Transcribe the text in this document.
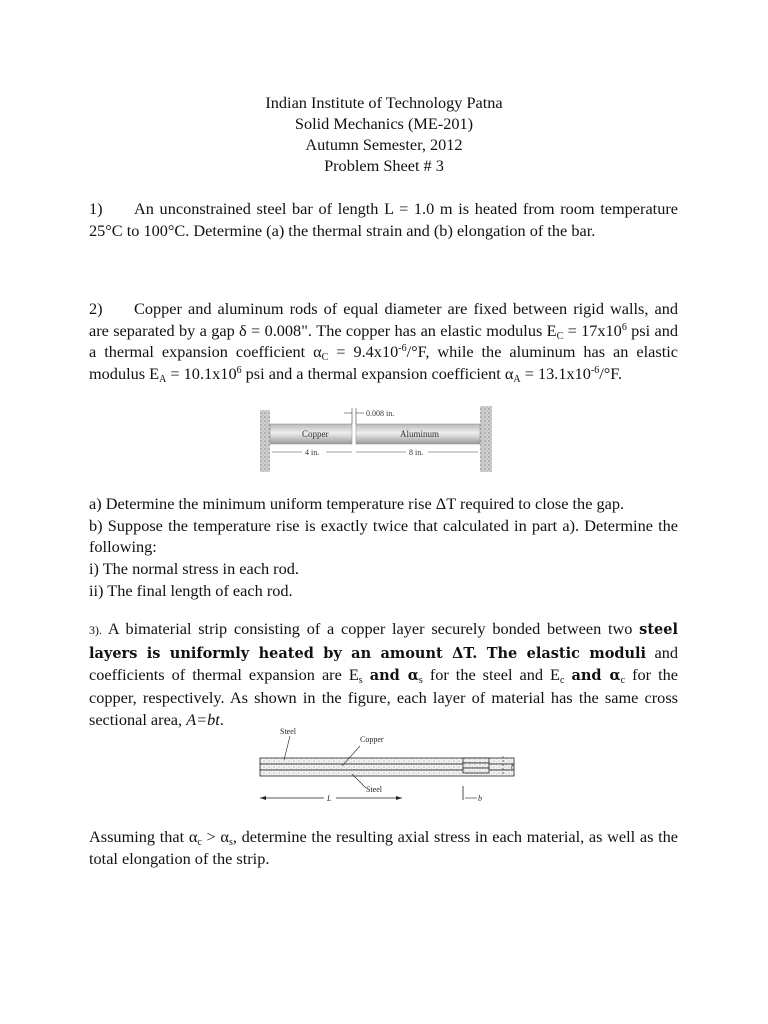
Indian Institute of Technology Patna
Solid Mechanics (ME-201)
Autumn Semester, 2012
Problem Sheet # 3

1) An unconstrained steel bar of length L = 1.0 m is heated from room temperature 25°C to 100°C. Determine (a) the thermal strain and (b) elongation of the bar.

2) Copper and aluminum rods of equal diameter are fixed between rigid walls, and are separated by a gap δ = 0.008". The copper has an elastic modulus $E_C = 17x10^6$ psi and a thermal expansion coefficient $\alpha_C = 9.4x10^{-6}/^\circ F$, while the aluminum has an elastic modulus $E_A = 10.1x10^6$ psi and a thermal expansion coefficient $\alpha_A = 13.1x10^{-6}/^\circ F$.

0.008 in.
Copper	Aluminum
4 in.	8 in.

a) Determine the minimum uniform temperature rise ΔT required to close the gap.

b) Suppose the temperature rise is exactly twice that calculated in part a). Determine the following:

i) The normal stress in each rod.

ii) The final length of each rod.

3). A bimaterial strip consisting of a copper layer securely bonded between two steel layers is uniformly heated by an amount ΔT. The elastic moduli and coefficients of thermal expansion are $E_s$ and $\alpha_s$ for the steel and $E_c$ and $\alpha_c$ for the copper, respectively. As shown in the figure, each layer of material has the same cross sectional area, A=bt.

Steel
Copper
Steel
L
t
b

Assuming that $\alpha_c > \alpha_s$, determine the resulting axial stress in each material, as well as the total elongation of the strip.
